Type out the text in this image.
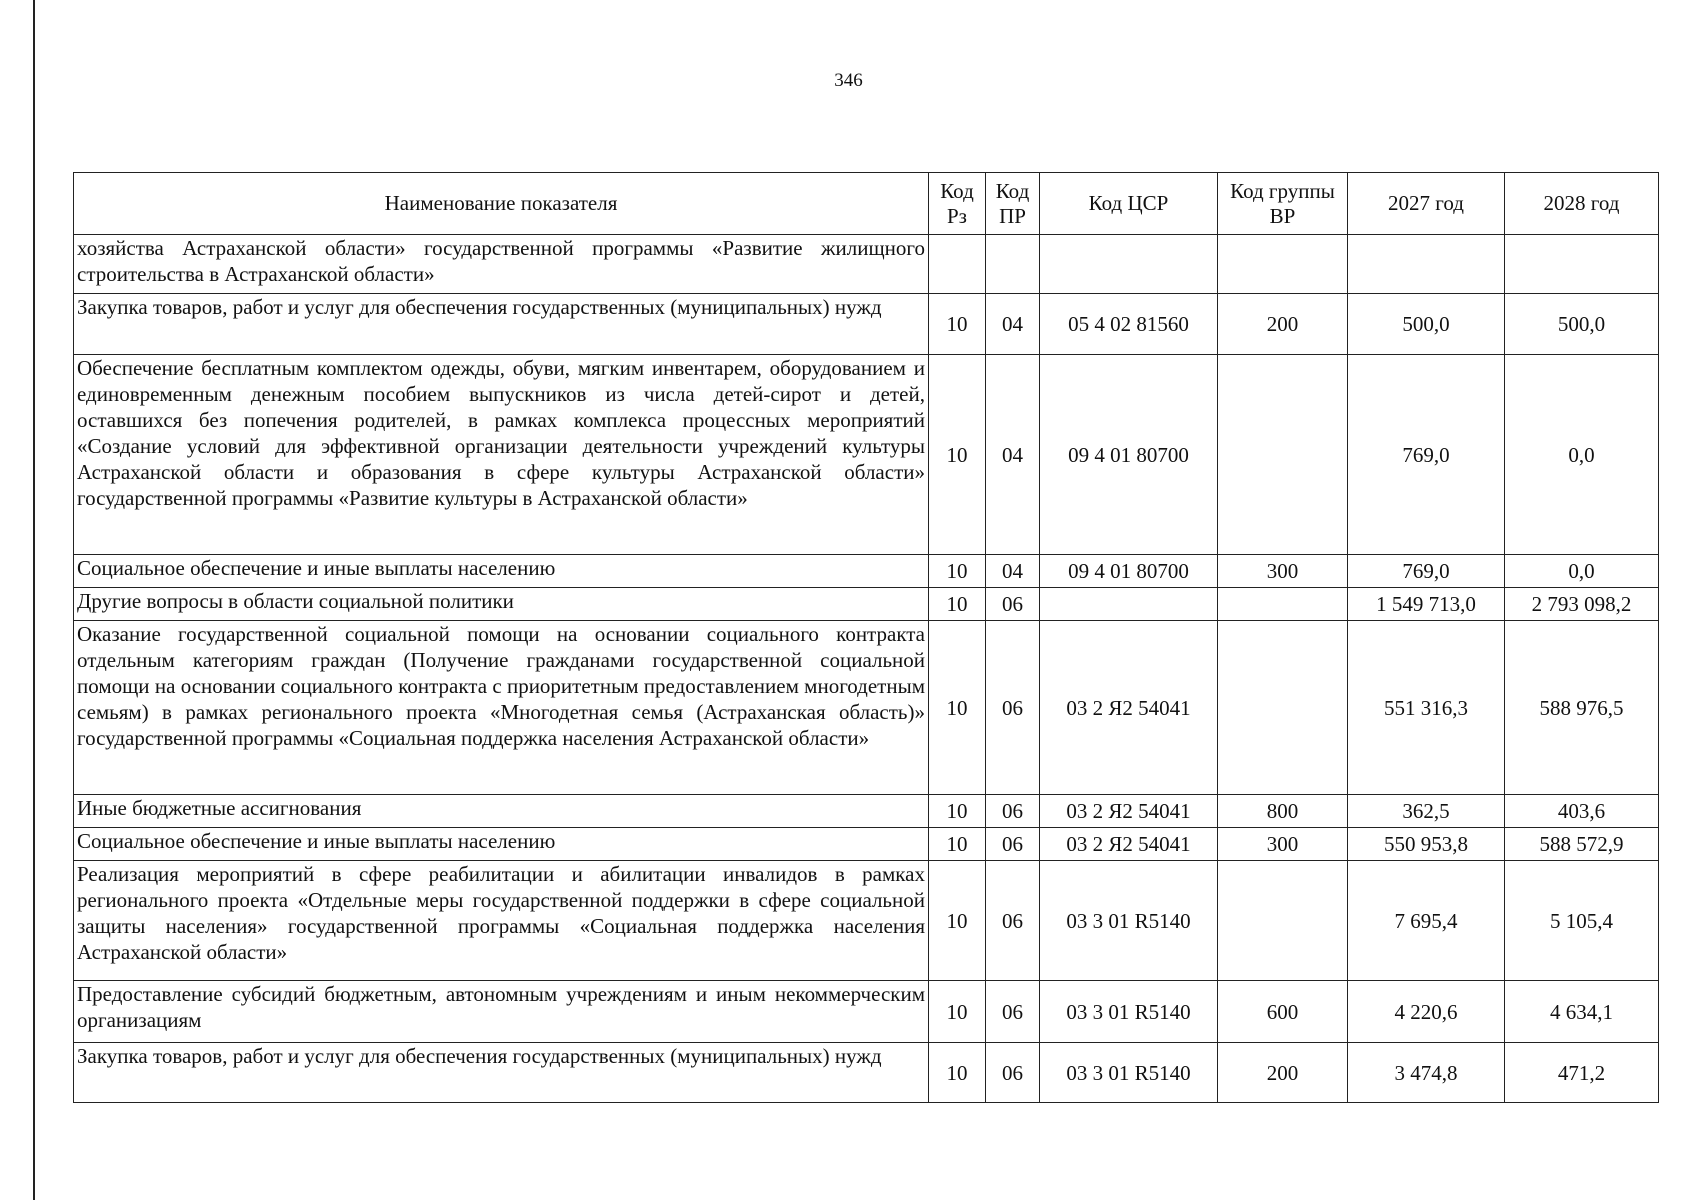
346
Наименование показателя	Код Рз	Код ПР	Код ЦСР	Код группы ВР	2027 год	2028 год
хозяйства Астраханской области» государственной программы «Развитие жилищного строительства в Астраханской области»						
Закупка товаров, работ и услуг для обеспечения государственных (муниципальных) нужд	10	04	05 4 02 81560	200	500,0	500,0
Обеспечение бесплатным комплектом одежды, обуви, мягким инвентарем, оборудованием и единовременным денежным пособием выпускников из числа детей-сирот и детей, оставшихся без попечения родителей, в рамках комплекса процессных мероприятий «Создание условий для эффективной организации деятельности учреждений культуры Астраханской области и образования в сфере культуры Астраханской области» государственной программы «Развитие культуры в Астраханской области»	10	04	09 4 01 80700		769,0	0,0
Социальное обеспечение и иные выплаты населению	10	04	09 4 01 80700	300	769,0	0,0
Другие вопросы в области социальной политики	10	06			1 549 713,0	2 793 098,2
Оказание государственной социальной помощи на основании социального контракта отдельным категориям граждан (Получение гражданами государственной социальной помощи на основании социального контракта с приоритетным предоставлением многодетным семьям) в рамках регионального проекта «Многодетная семья (Астраханская область)» государственной программы «Социальная поддержка населения Астраханской области»	10	06	03 2 Я2 54041		551 316,3	588 976,5
Иные бюджетные ассигнования	10	06	03 2 Я2 54041	800	362,5	403,6
Социальное обеспечение и иные выплаты населению	10	06	03 2 Я2 54041	300	550 953,8	588 572,9
Реализация мероприятий в сфере реабилитации и абилитации инвалидов в рамках регионального проекта «Отдельные меры государственной поддержки в сфере социальной защиты населения» государственной программы «Социальная поддержка населения Астраханской области»	10	06	03 3 01 R5140		7 695,4	5 105,4
Предоставление субсидий бюджетным, автономным учреждениям и иным некоммерческим организациям	10	06	03 3 01 R5140	600	4 220,6	4 634,1
Закупка товаров, работ и услуг для обеспечения государственных (муниципальных) нужд	10	06	03 3 01 R5140	200	3 474,8	471,2
